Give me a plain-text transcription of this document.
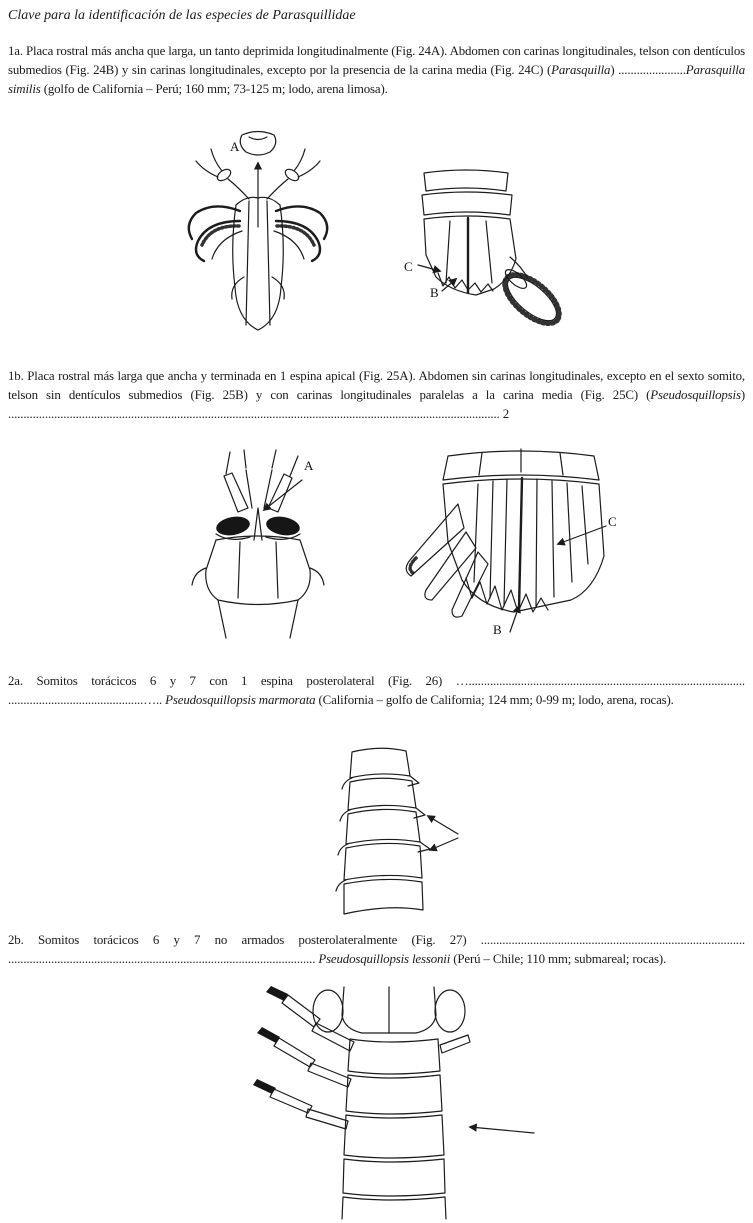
Clave para la identificación de las especies de Parasquillidae

1a. Placa rostral más ancha que larga, un tanto deprimida longitudinalmente (Fig. 24A). Abdomen con carinas longitudinales, telson con dentículos submedios (Fig. 24B) y sin carinas longitudinales, excepto por la presencia de la carina media (Fig. 24C) (Parasquilla) ......................Parasquilla similis (golfo de California – Perú; 160 mm; 73-125 m; lodo, arena limosa).

A
C
B

1b. Placa rostral más larga que ancha y terminada en 1 espina apical (Fig. 25A). Abdomen sin carinas longitudinales, excepto en el sexto somito, telson sin dentículos submedios (Fig. 25B) y con carinas longitudinales paralelas a la carina media (Fig. 25C) (Pseudosquillopsis) ................................................................................................................................................................ 2

A
C
B

2a. Somitos torácicos 6 y 7 con 1 espina posterolateral (Fig. 26) ….......................................................................................... ............................................….. Pseudosquillopsis marmorata (California – golfo de California; 124 mm; 0-99 m; lodo, arena, rocas).

2b. Somitos torácicos 6 y 7 no armados posterolateralmente (Fig. 27) ...................................................................................... .................................................................................................... Pseudosquillopsis lessonii (Perú – Chile; 110 mm; submareal; rocas).
